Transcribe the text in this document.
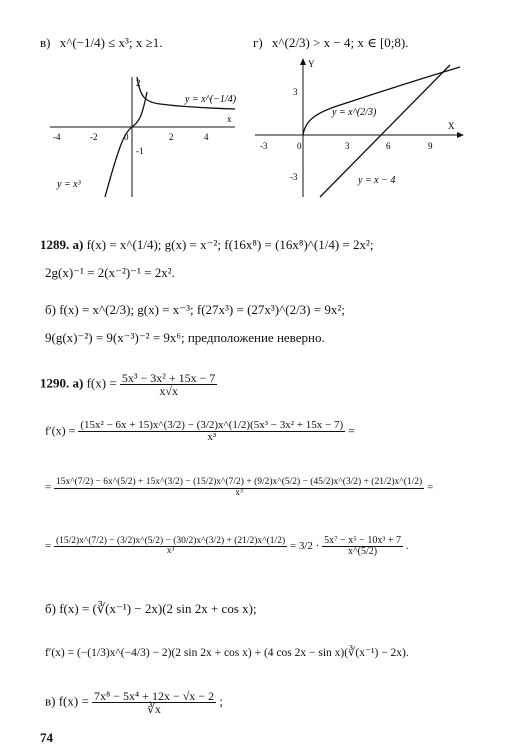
в) x^(−1/4) ≤ x³; x ≥1.	г) x^(2/3) > x − 4; x ∈ [0;8).
-4	-2	0	2	4
2
-1
x
y = x^(−1/4)
y = x³
-3	0	3	6	9
3
-3
X
Y
y = x^(2/3)
y = x − 4
1289. а) f(x) = x^(1/4); g(x) = x⁻²; f(16x⁸) = (16x⁸)^(1/4) = 2x²;
2g(x)⁻¹ = 2(x⁻²)⁻¹ = 2x².
б) f(x) = x^(2/3); g(x) = x⁻³; f(27x³) = (27x³)^(2/3) = 9x²;
9(g(x)⁻²) = 9(x⁻³)⁻² = 9x⁶; предположение неверно.
1290. а) $f(x) = \frac{\text{5x³ − 3x² + 15x − 7}}{x√x}$
$f'(x) = \frac{\text{(15x² − 6x + 15)x\textasciicircum{}(3/2) − (3/2)x\textasciicircum{}(1/2)(5x³ − 3x² + 15x − 7)}}{\text{x³}}$ =
= 15x^(7/2) − 6x^(5/2) + 15x^(3/2) − (15/2)x^(7/2) + (9/2)x^(5/2) − (45/2)x^(3/2) + (21/2)x^(1/2)
x³	=
= $\frac{(15/2)x\^{}(7/2) - (3/2)x\^{}(5/2) - (30/2)x\^{}(3/2) + (21/2)x\^{}(1/2)}{\text{x³}} = 3/2 \cdot \frac{\text{5x⁷ − x⁵ − 10x³ + 7}}{x\^{}(5/2)}$ .
б) f(x) = (∛(x⁻¹) − 2x)(2 sin 2x + cos x);
f′(x) = (−(1/3)x^(−4/3) − 2)(2 sin 2x + cos x) + (4 cos 2x − sin x)(∛(x⁻¹) − 2x).
в) $f(x) = \frac{\text{7x⁸ − 5x⁴ + 12x − √x − 2}}{∛x}$ ;
74
